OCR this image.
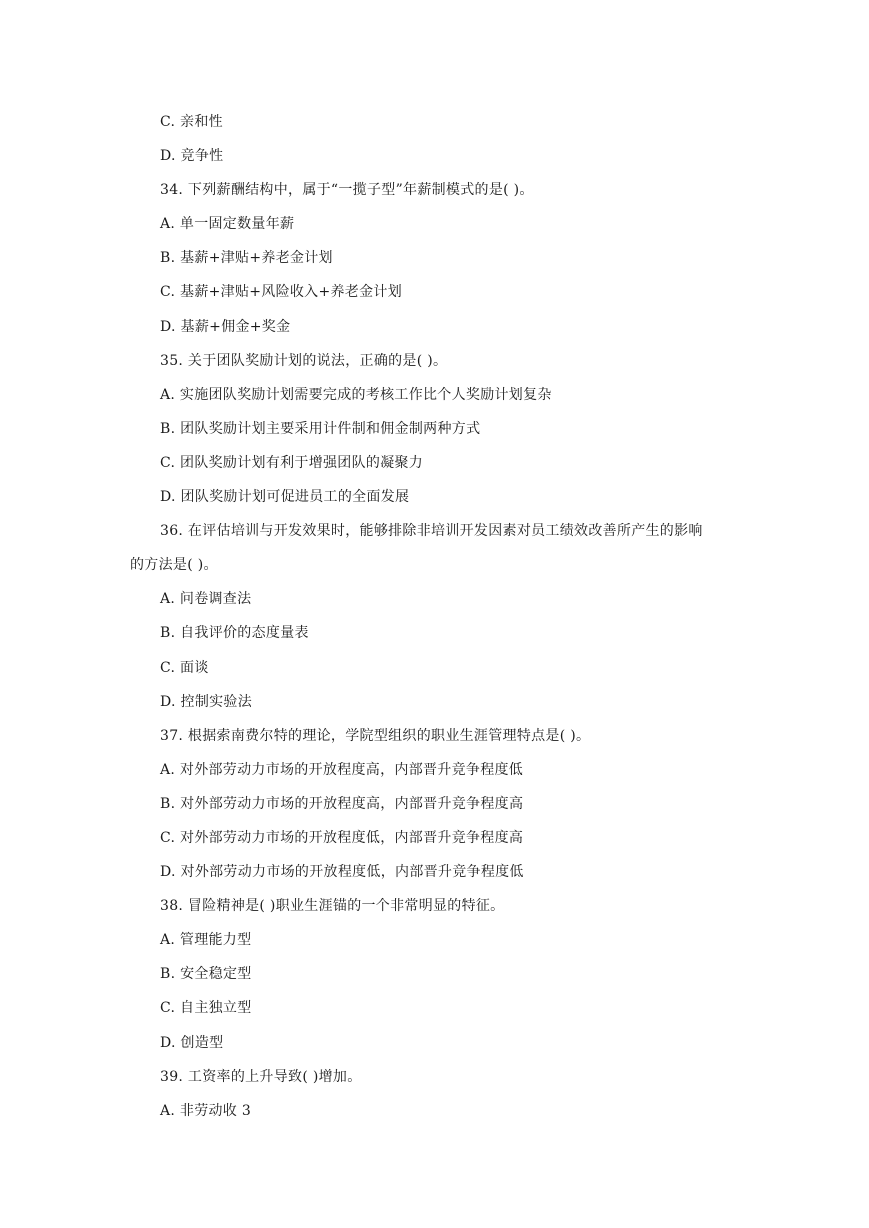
C. 亲和性
D. 竞争性
34. 下列薪酬结构中，属于“一揽子型”年薪制模式的是( )。
A. 单一固定数量年薪
B. 基薪+津贴+养老金计划
C. 基薪+津贴+风险收入+养老金计划
D. 基薪+佣金+奖金
35. 关于团队奖励计划的说法，正确的是( )。
A. 实施团队奖励计划需要完成的考核工作比个人奖励计划复杂
B. 团队奖励计划主要采用计件制和佣金制两种方式
C. 团队奖励计划有利于增强团队的凝聚力
D. 团队奖励计划可促进员工的全面发展
36. 在评估培训与开发效果时，能够排除非培训开发因素对员工绩效改善所产生的影响
的方法是( )。
A. 问卷调查法
B. 自我评价的态度量表
C. 面谈
D. 控制实验法
37. 根据索南费尔特的理论，学院型组织的职业生涯管理特点是( )。
A. 对外部劳动力市场的开放程度高，内部晋升竞争程度低
B. 对外部劳动力市场的开放程度高，内部晋升竞争程度高
C. 对外部劳动力市场的开放程度低，内部晋升竞争程度高
D. 对外部劳动力市场的开放程度低，内部晋升竞争程度低
38. 冒险精神是( )职业生涯锚的一个非常明显的特征。
A. 管理能力型
B. 安全稳定型
C. 自主独立型
D. 创造型
39. 工资率的上升导致( )增加。
A. 非劳动收 3
